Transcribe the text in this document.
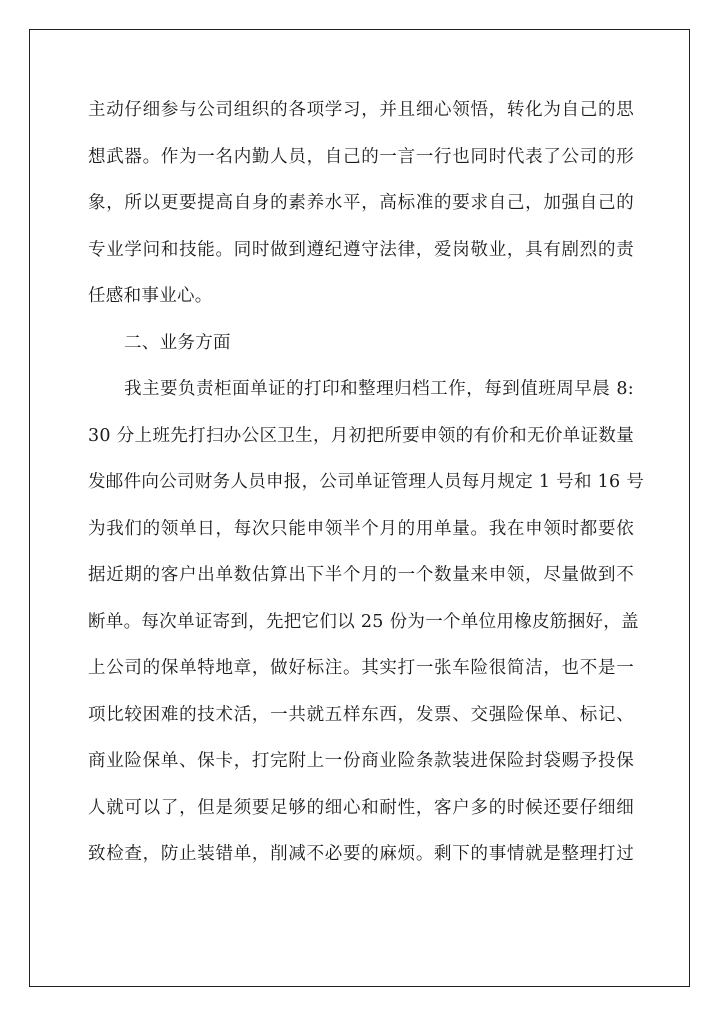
主动仔细参与公司组织的各项学习，并且细心领悟，转化为自己的思
想武器。作为一名内勤人员，自己的一言一行也同时代表了公司的形
象，所以更要提高自身的素养水平，高标准的要求自己，加强自己的
专业学问和技能。同时做到遵纪遵守法律，爱岗敬业，具有剧烈的责
任感和事业心。
二、业务方面
我主要负责柜面单证的打印和整理归档工作，每到值班周早晨 8:
30 分上班先打扫办公区卫生，月初把所要申领的有价和无价单证数量
发邮件向公司财务人员申报，公司单证管理人员每月规定 1 号和 16 号
为我们的领单日，每次只能申领半个月的用单量。我在申领时都要依
据近期的客户出单数估算出下半个月的一个数量来申领，尽量做到不
断单。每次单证寄到，先把它们以 25 份为一个单位用橡皮筋捆好，盖
上公司的保单特地章，做好标注。其实打一张车险很简洁，也不是一
项比较困难的技术活，一共就五样东西，发票、交强险保单、标记、
商业险保单、保卡，打完附上一份商业险条款装进保险封袋赐予投保
人就可以了，但是须要足够的细心和耐性，客户多的时候还要仔细细
致检查，防止装错单，削减不必要的麻烦。剩下的事情就是整理打过
